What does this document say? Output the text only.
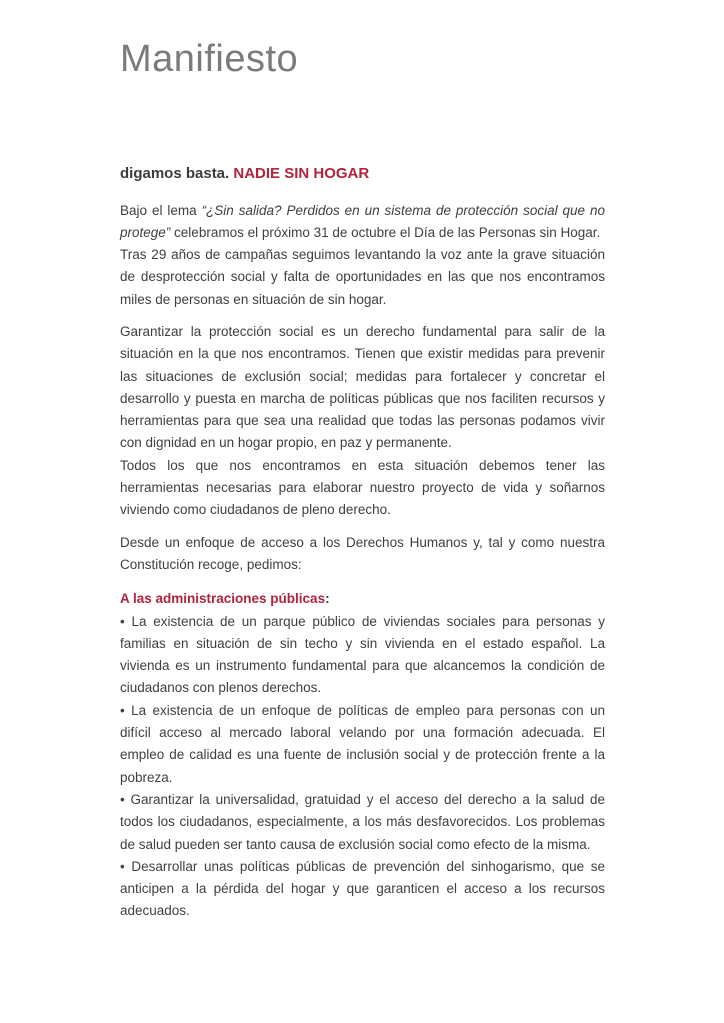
Manifiesto
digamos basta. NADIE SIN HOGAR

Bajo el lema “¿Sin salida? Perdidos en un sistema de protección social que no protege” celebramos el próximo 31 de octubre el Día de las Personas sin Hogar.

Tras 29 años de campañas seguimos levantando la voz ante la grave situación de desprotección social y falta de oportunidades en las que nos encontramos miles de personas en situación de sin hogar.

Garantizar la protección social es un derecho fundamental para salir de la situación en la que nos encontramos. Tienen que existir medidas para prevenir las situaciones de exclusión social; medidas para fortalecer y concretar el desarrollo y puesta en marcha de políticas públicas que nos faciliten recursos y herramientas para que sea una realidad que todas las personas podamos vivir con dignidad en un hogar propio, en paz y permanente.

Todos los que nos encontramos en esta situación debemos tener las herramientas necesarias para elaborar nuestro proyecto de vida y soñarnos viviendo como ciudadanos de pleno derecho.

Desde un enfoque de acceso a los Derechos Humanos y, tal y como nuestra Constitución recoge, pedimos:

A las administraciones públicas:

• La existencia de un parque público de viviendas sociales para personas y familias en situación de sin techo y sin vivienda en el estado español. La vivienda es un instrumento fundamental para que alcancemos la condición de ciudadanos con plenos derechos.

• La existencia de un enfoque de políticas de empleo para personas con un difícil acceso al mercado laboral velando por una formación adecuada. El empleo de calidad es una fuente de inclusión social y de protección frente a la pobreza.

• Garantizar la universalidad, gratuidad y el acceso del derecho a la salud de todos los ciudadanos, especialmente, a los más desfavorecidos. Los problemas de salud pueden ser tanto causa de exclusión social como efecto de la misma.

• Desarrollar unas políticas públicas de prevención del sinhogarismo, que se anticipen a la pérdida del hogar y que garanticen el acceso a los recursos adecuados.
